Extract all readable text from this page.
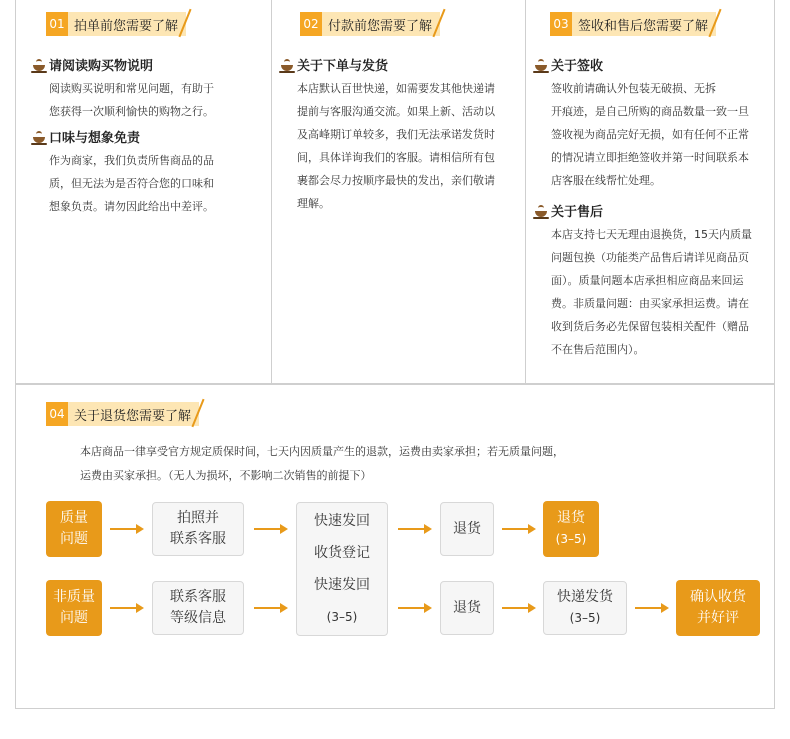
01 拍单前您需要了解	02 付款前您需要了解	03 签收和售后您需要了解
请阅读购买物说明
阅读购买说明和常见问题，有助于
您获得一次顺利愉快的购物之行。
口味与想象免责
作为商家，我们负责所售商品的品
质，但无法为是否符合您的口味和
想象负责。请勿因此给出中差评。
关于下单与发货
本店默认百世快递，如需要发其他快递请
提前与客服沟通交流。如果上新、活动以
及高峰期订单较多，我们无法承诺发货时
间，具体详询我们的客服。请相信所有包
裹都会尽力按顺序最快的发出，亲们敬请
理解。
关于签收
签收前请确认外包装无破损、无拆
开痕迹，是自己所购的商品数量一致一旦
签收视为商品完好无损，如有任何不正常
的情况请立即拒绝签收并第一时间联系本
店客服在线帮忙处理。
关于售后
本店支持七天无理由退换货，15天内质量
问题包换（功能类产品售后请详见商品页
面）。质量问题本店承担相应商品来回运
费。非质量问题：由买家承担运费。请在
收到货后务必先保留包装相关配件（赠品
不在售后范围内）。
04 关于退货您需要了解
本店商品一律享受官方规定质保时间，七天内因质量产生的退款，运费由卖家承担；若无质量问题，
运费由买家承担。（无人为损坏，不影响二次销售的前提下）
质量
问题
拍照并
联系客服
快速发回
收货登记
快速发回
(3–5)
退货
退货
(3–5)
非质量
问题
联系客服
等级信息
退货
快递发货
(3–5)
确认收货
并好评
